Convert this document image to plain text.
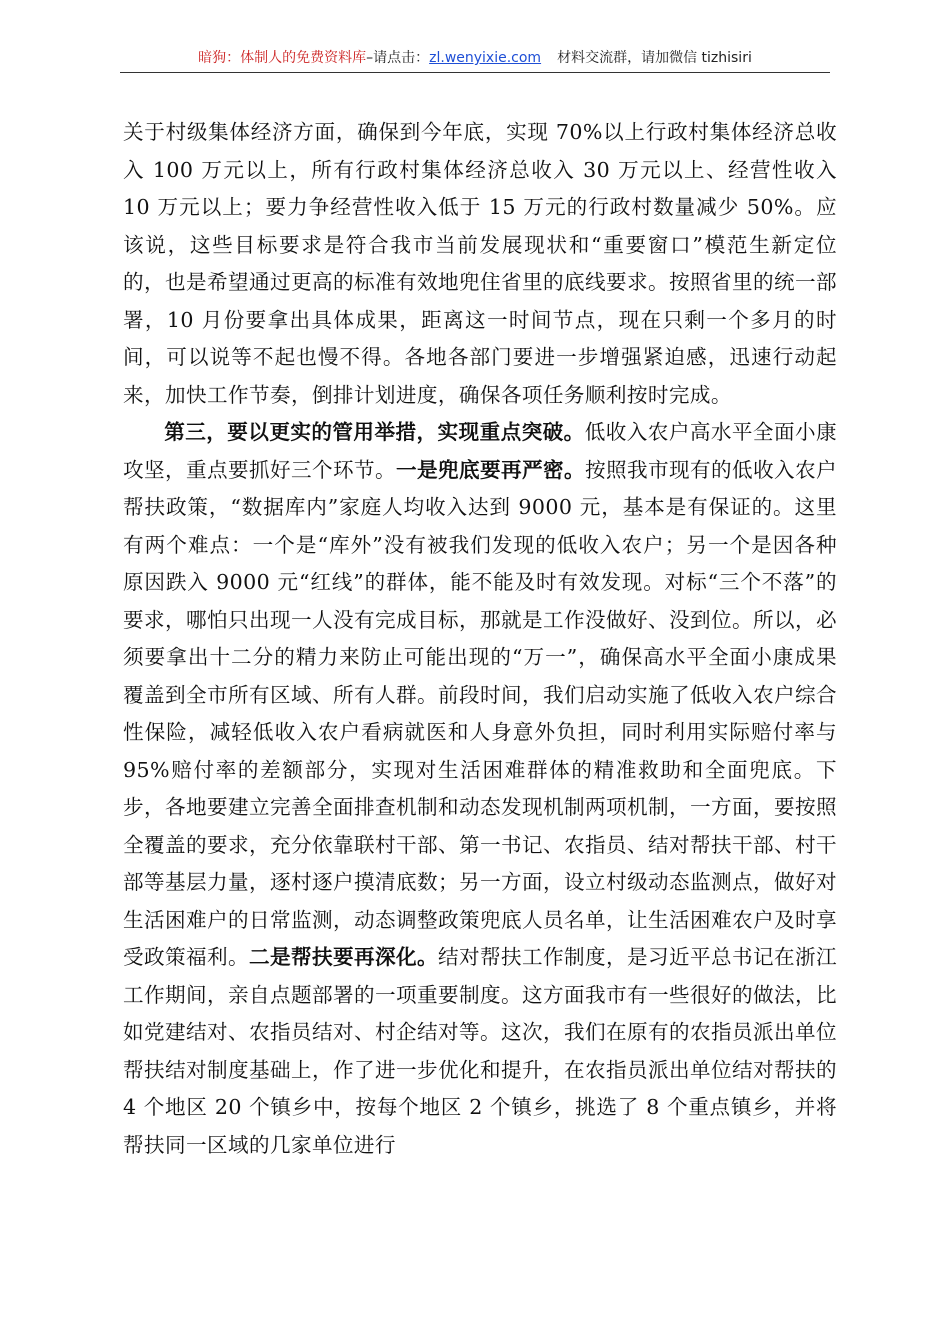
暗狗：体制人的免费资料库–请点击：zl.wenyixie.com 材料交流群，请加微信 tizhisiri

关于村级集体经济方面，确保到今年底，实现 70%以上行政村集体经济总收入 100 万元以上，所有行政村集体经济总收入 30 万元以上、经营性收入 10 万元以上；要力争经营性收入低于 15 万元的行政村数量减少 50%。应该说，这些目标要求是符合我市当前发展现状和“重要窗口”模范生新定位的，也是希望通过更高的标准有效地兜住省里的底线要求。按照省里的统一部署，10 月份要拿出具体成果，距离这一时间节点，现在只剩一个多月的时间，可以说等不起也慢不得。各地各部门要进一步增强紧迫感，迅速行动起来，加快工作节奏，倒排计划进度，确保各项任务顺利按时完成。

第三，要以更实的管用举措，实现重点突破。低收入农户高水平全面小康攻坚，重点要抓好三个环节。一是兜底要再严密。按照我市现有的低收入农户帮扶政策，“数据库内”家庭人均收入达到 9000 元，基本是有保证的。这里有两个难点：一个是“库外”没有被我们发现的低收入农户；另一个是因各种原因跌入 9000 元“红线”的群体，能不能及时有效发现。对标“三个不落”的要求，哪怕只出现一人没有完成目标，那就是工作没做好、没到位。所以，必须要拿出十二分的精力来防止可能出现的“万一”，确保高水平全面小康成果覆盖到全市所有区域、所有人群。前段时间，我们启动实施了低收入农户综合性保险，减轻低收入农户看病就医和人身意外负担，同时利用实际赔付率与 95%赔付率的差额部分，实现对生活困难群体的精准救助和全面兜底。下步，各地要建立完善全面排查机制和动态发现机制两项机制，一方面，要按照全覆盖的要求，充分依靠联村干部、第一书记、农指员、结对帮扶干部、村干部等基层力量，逐村逐户摸清底数；另一方面，设立村级动态监测点，做好对生活困难户的日常监测，动态调整政策兜底人员名单，让生活困难农户及时享受政策福利。二是帮扶要再深化。结对帮扶工作制度，是习近平总书记在浙江工作期间，亲自点题部署的一项重要制度。这方面我市有一些很好的做法，比如党建结对、农指员结对、村企结对等。这次，我们在原有的农指员派出单位帮扶结对制度基础上，作了进一步优化和提升，在农指员派出单位结对帮扶的 4 个地区 20 个镇乡中，按每个地区 2 个镇乡，挑选了 8 个重点镇乡，并将帮扶同一区域的几家单位进行
